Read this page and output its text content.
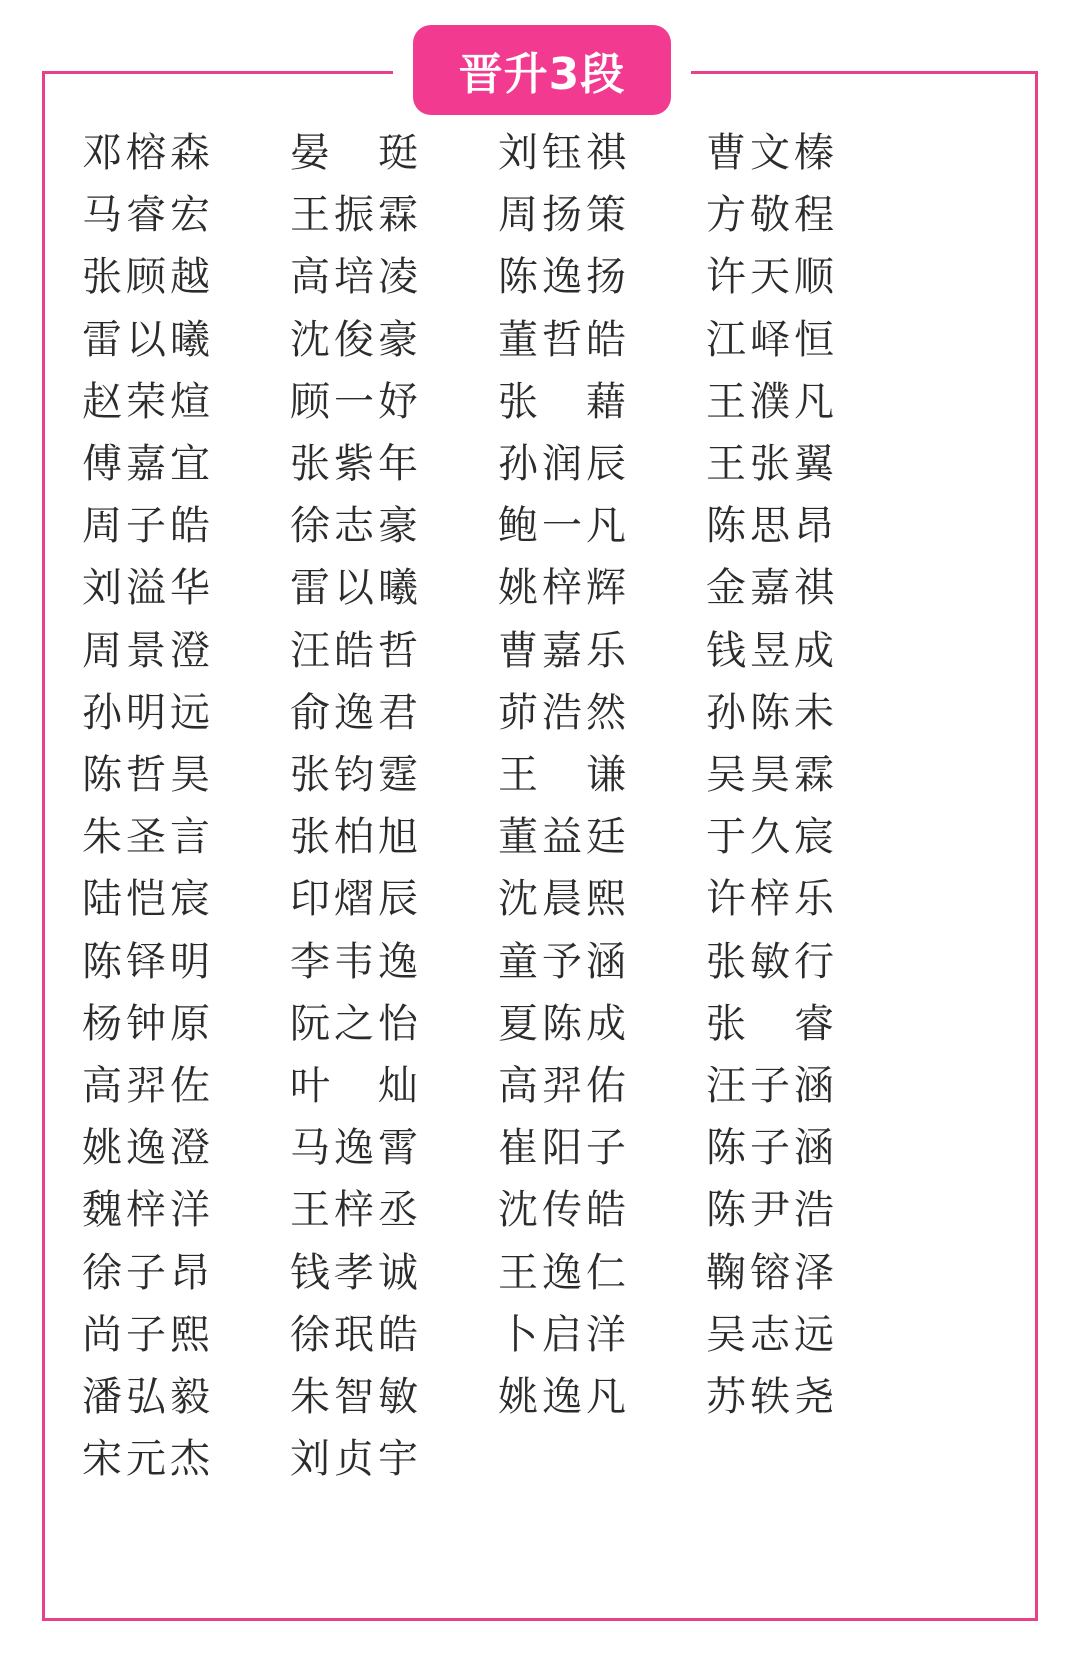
晋升3段
邓 榕 森
马 睿 宏
张 顾 越
雷 以 曦
赵 荣 煊
傅 嘉 宜
周 子 皓
刘 溢 华
周 景 澄
孙 明 远
陈 哲 昊
朱 圣 言
陆 恺 宸
陈 铎 明
杨 钟 原
高 羿 佐
姚 逸 澄
魏 梓 洋
徐 子 昂
尚 子 熙
潘 弘 毅
宋 元 杰
晏 珽
王 振 霖
高 培 凌
沈 俊 豪
顾 一 妤
张 紫 年
徐 志 豪
雷 以 曦
汪 皓 哲
俞 逸 君
张 钧 霆
张 柏 旭
印 熠 辰
李 韦 逸
阮 之 怡
叶 灿
马 逸 霄
王 梓 丞
钱 孝 诚
徐 珉 皓
朱 智 敏
刘 贞 宇
刘 钰 祺
周 扬 策
陈 逸 扬
董 哲 皓
张 藉
孙 润 辰
鲍 一 凡
姚 梓 辉
曹 嘉 乐
茆 浩 然
王 谦
董 益 廷
沈 晨 熙
童 予 涵
夏 陈 成
高 羿 佑
崔 阳 子
沈 传 皓
王 逸 仁
卜 启 洋
姚 逸 凡
曹 文 榛
方 敬 程
许 天 顺
江 峄 恒
王 濮 凡
王 张 翼
陈 思 昂
金 嘉 祺
钱 昱 成
孙 陈 未
吴 昊 霖
于 久 宸
许 梓 乐
张 敏 行
张 睿
汪 子 涵
陈 子 涵
陈 尹 浩
鞠 镕 泽
吴 志 远
苏 轶 尧
